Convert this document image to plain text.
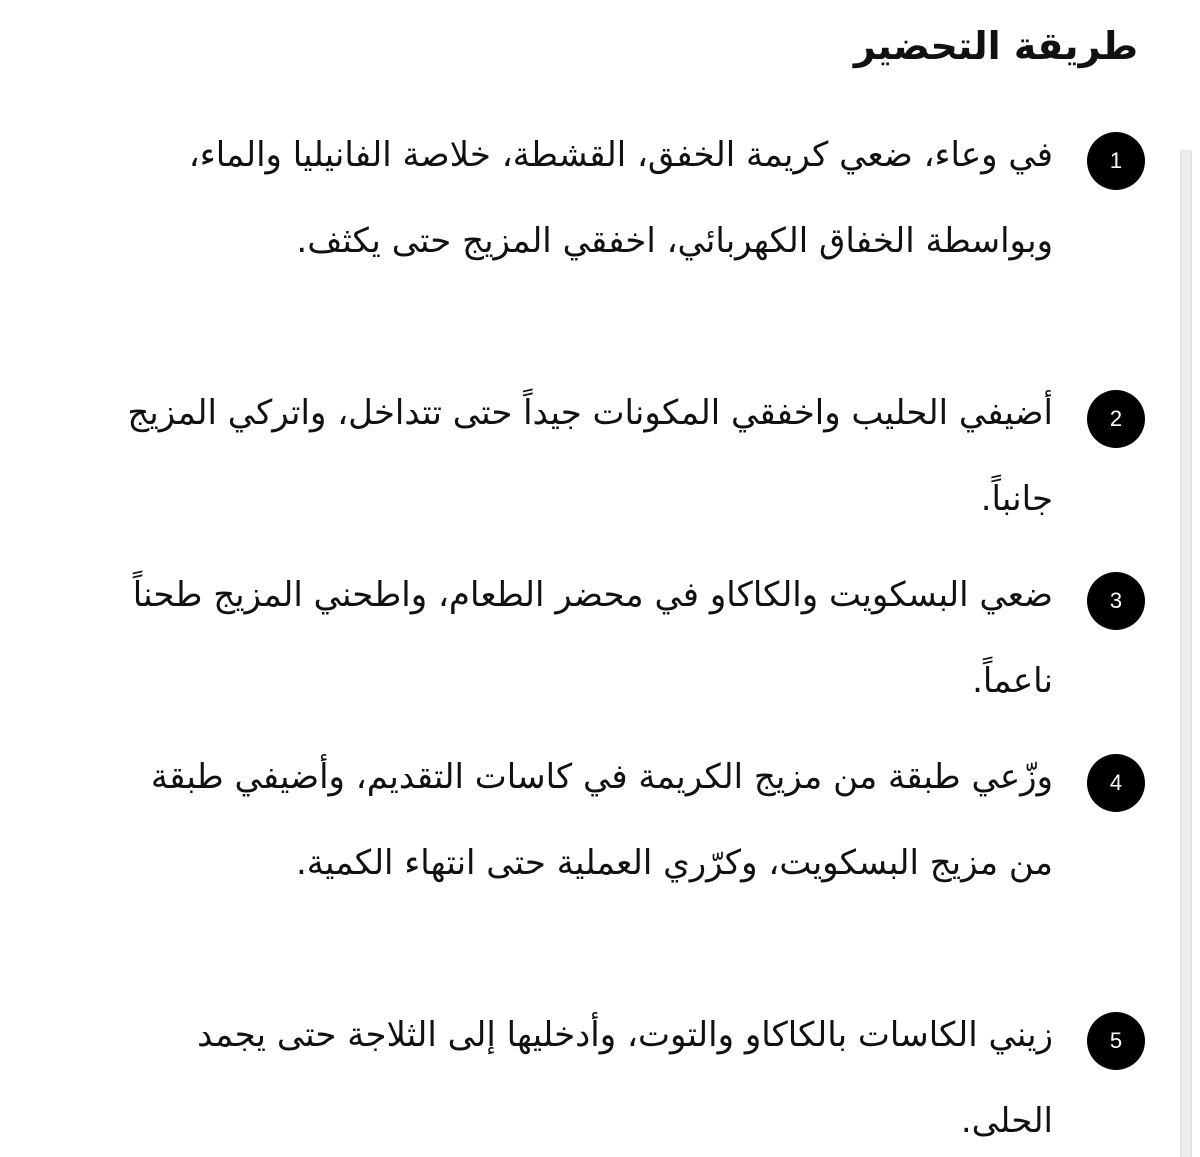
طريقة التحضير
1

في وعاء، ضعي كريمة الخفق، القشطة، خلاصة الفانيليا والماء، وبواسطة الخفاق الكهربائي، اخفقي المزيج حتى يكثف.

2

أضيفي الحليب واخفقي المكونات جيداً حتى تتداخل، واتركي المزيج جانباً.

3

ضعي البسكويت والكاكاو في محضر الطعام، واطحني المزيج طحناً ناعماً.

4

وزّعي طبقة من مزيج الكريمة في كاسات التقديم، وأضيفي طبقة من مزيج البسكويت، وكرّري العملية حتى انتهاء الكمية.

5

زيني الكاسات بالكاكاو والتوت، وأدخليها إلى الثلاجة حتى يجمد الحلى.
